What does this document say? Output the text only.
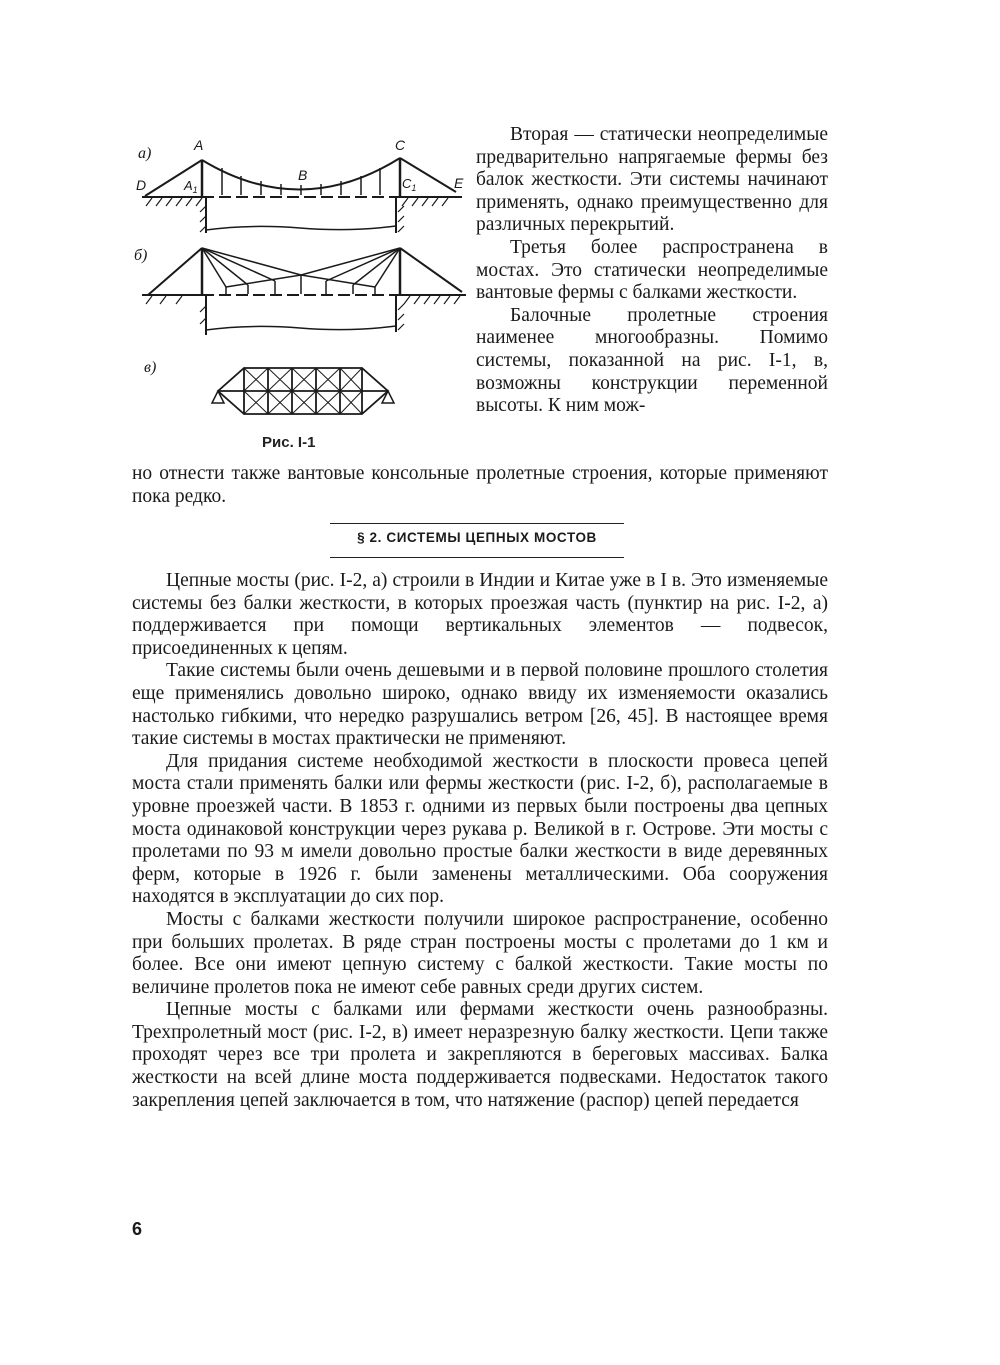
а)	A	C
B
D	E
$A_1$	$C_1$
б)
в)
Рис. I-1

Вторая — статически неопределимые предварительно напрягаемые фермы без балок жесткости. Эти системы начинают применять, однако преимущественно для различных перекрытий.

Третья более распространена в мостах. Это статически неопределимые вантовые фермы с балками жесткости.

Балочные пролетные строения наименее многообразны. Помимо системы, показанной на рис. I-1, в, возможны конструкции переменной высоты. К ним мож-

но отнести также вантовые консольные пролетные строения, которые применяют пока редко.

§ 2. СИСТЕМЫ ЦЕПНЫХ МОСТОВ

Цепные мосты (рис. I-2, а) строили в Индии и Китае уже в I в. Это изменяемые системы без балки жесткости, в которых проезжая часть (пунктир на рис. I-2, а) поддерживается при помощи вертикальных элементов — подвесок, присоединенных к цепям.

Такие системы были очень дешевыми и в первой половине прошлого столетия еще применялись довольно широко, однако ввиду их изменяемости оказались настолько гибкими, что нередко разрушались ветром [26, 45]. В настоящее время такие системы в мостах практически не применяют.

Для придания системе необходимой жесткости в плоскости провеса цепей моста стали применять балки или фермы жесткости (рис. I-2, б), располагаемые в уровне проезжей части. В 1853 г. одними из первых были построены два цепных моста одинаковой конструкции через рукава р. Великой в г. Острове. Эти мосты с пролетами по 93 м имели довольно простые балки жесткости в виде деревянных ферм, которые в 1926 г. были заменены металлическими. Оба сооружения находятся в эксплуатации до сих пор.

Мосты с балками жесткости получили широкое распространение, особенно при больших пролетах. В ряде стран построены мосты с пролетами до 1 км и более. Все они имеют цепную систему с балкой жесткости. Такие мосты по величине пролетов пока не имеют себе равных среди других систем.

Цепные мосты с балками или фермами жесткости очень разнообразны. Трехпролетный мост (рис. I-2, в) имеет неразрезную балку жесткости. Цепи также проходят через все три пролета и закрепляются в береговых массивах. Балка жесткости на всей длине моста поддерживается подвесками. Недостаток такого закрепления цепей заключается в том, что натяжение (распор) цепей передается

6
